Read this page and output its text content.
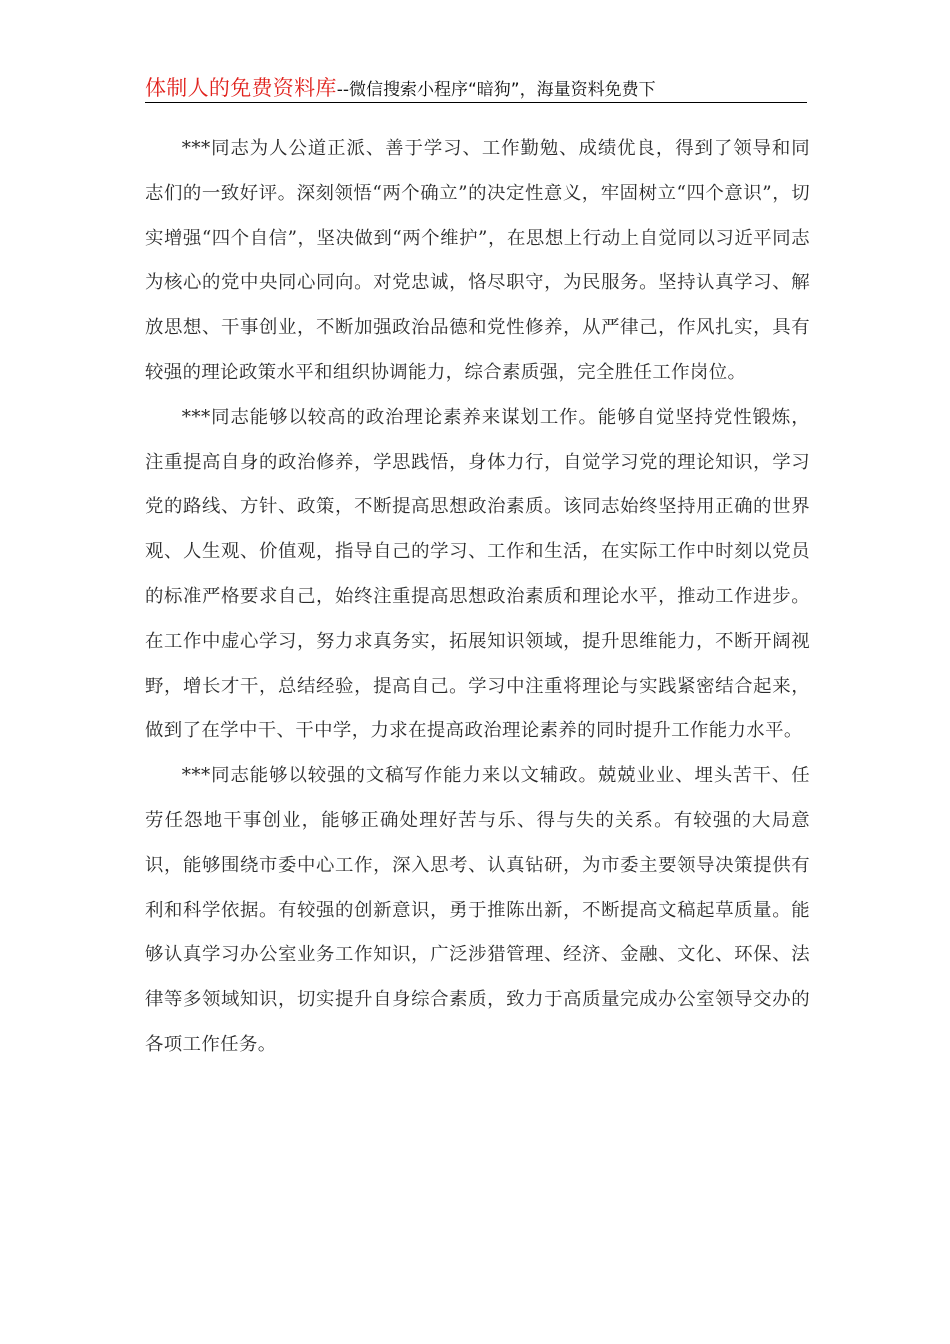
体制人的免费资料库--微信搜索小程序“暗狗”，海量资料免费下

***同志为人公道正派、善于学习、工作勤勉、成绩优良，得到了领导和同志们的一致好评。深刻领悟“两个确立”的决定性意义，牢固树立“四个意识”，切实增强“四个自信”，坚决做到“两个维护”，在思想上行动上自觉同以习近平同志为核心的党中央同心同向。对党忠诚，恪尽职守，为民服务。坚持认真学习、解放思想、干事创业，不断加强政治品德和党性修养，从严律己，作风扎实，具有较强的理论政策水平和组织协调能力，综合素质强，完全胜任工作岗位。

***同志能够以较高的政治理论素养来谋划工作。能够自觉坚持党性锻炼，注重提高自身的政治修养，学思践悟，身体力行，自觉学习党的理论知识，学习党的路线、方针、政策，不断提高思想政治素质。该同志始终坚持用正确的世界观、人生观、价值观，指导自己的学习、工作和生活，在实际工作中时刻以党员的标准严格要求自己，始终注重提高思想政治素质和理论水平，推动工作进步。在工作中虚心学习，努力求真务实，拓展知识领域，提升思维能力，不断开阔视野，增长才干，总结经验，提高自己。学习中注重将理论与实践紧密结合起来，做到了在学中干、干中学，力求在提高政治理论素养的同时提升工作能力水平。

***同志能够以较强的文稿写作能力来以文辅政。兢兢业业、埋头苦干、任劳任怨地干事创业，能够正确处理好苦与乐、得与失的关系。有较强的大局意识，能够围绕市委中心工作，深入思考、认真钻研，为市委主要领导决策提供有利和科学依据。有较强的创新意识，勇于推陈出新，不断提高文稿起草质量。能够认真学习办公室业务工作知识，广泛涉猎管理、经济、金融、文化、环保、法律等多领域知识，切实提升自身综合素质，致力于高质量完成办公室领导交办的各项工作任务。
